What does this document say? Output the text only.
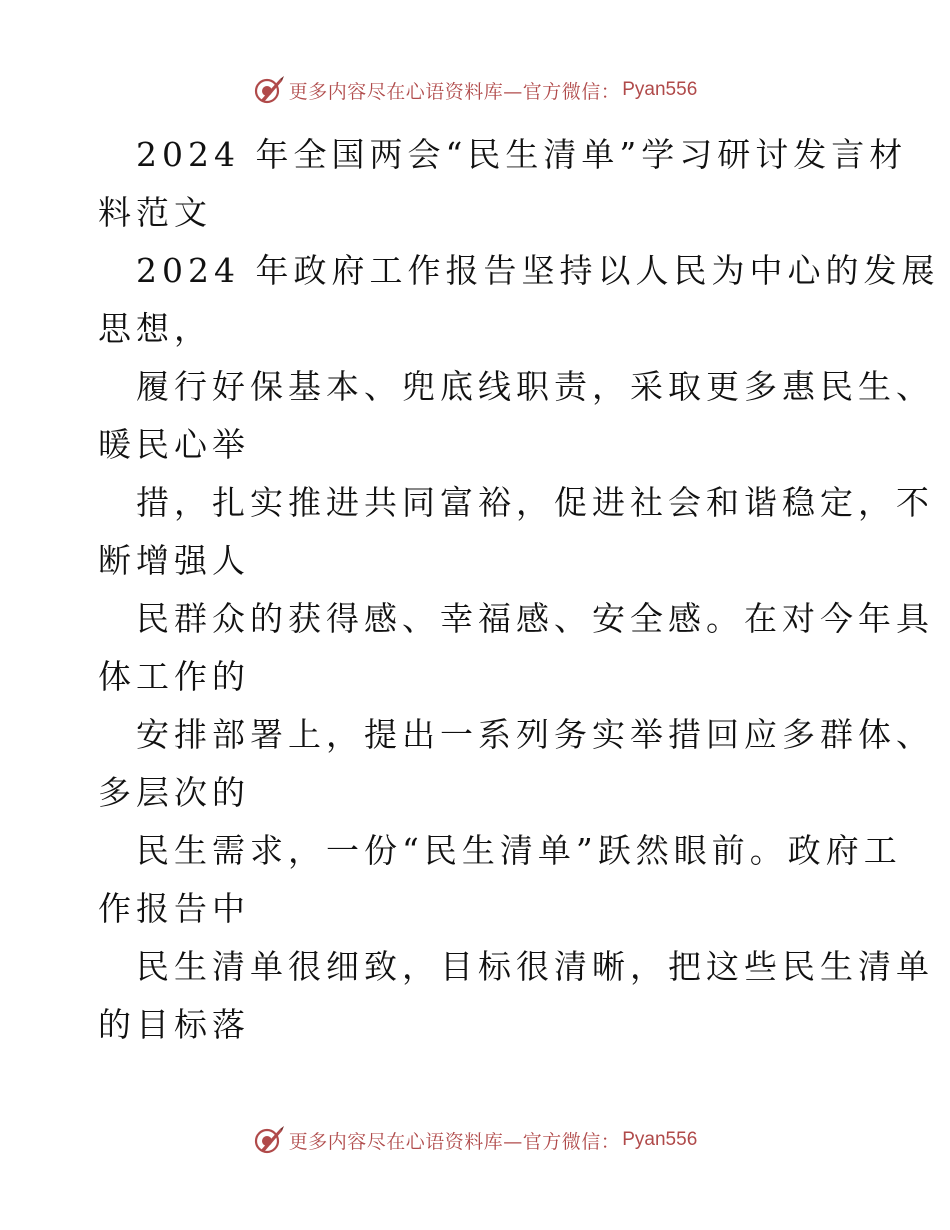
更多内容尽在心语资料库—官方微信： Pyan556
2024 年全国两会“民生清单”学习研讨发言材
料范文
2024 年政府工作报告坚持以人民为中心的发展
思想，
履行好保基本、兜底线职责，采取更多惠民生、
暖民心举
措，扎实推进共同富裕，促进社会和谐稳定，不
断增强人
民群众的获得感、幸福感、安全感。在对今年具
体工作的
安排部署上，提出一系列务实举措回应多群体、
多层次的
民生需求，一份“民生清单”跃然眼前。政府工
作报告中
民生清单很细致，目标很清晰，把这些民生清单
的目标落
更多内容尽在心语资料库—官方微信： Pyan556
